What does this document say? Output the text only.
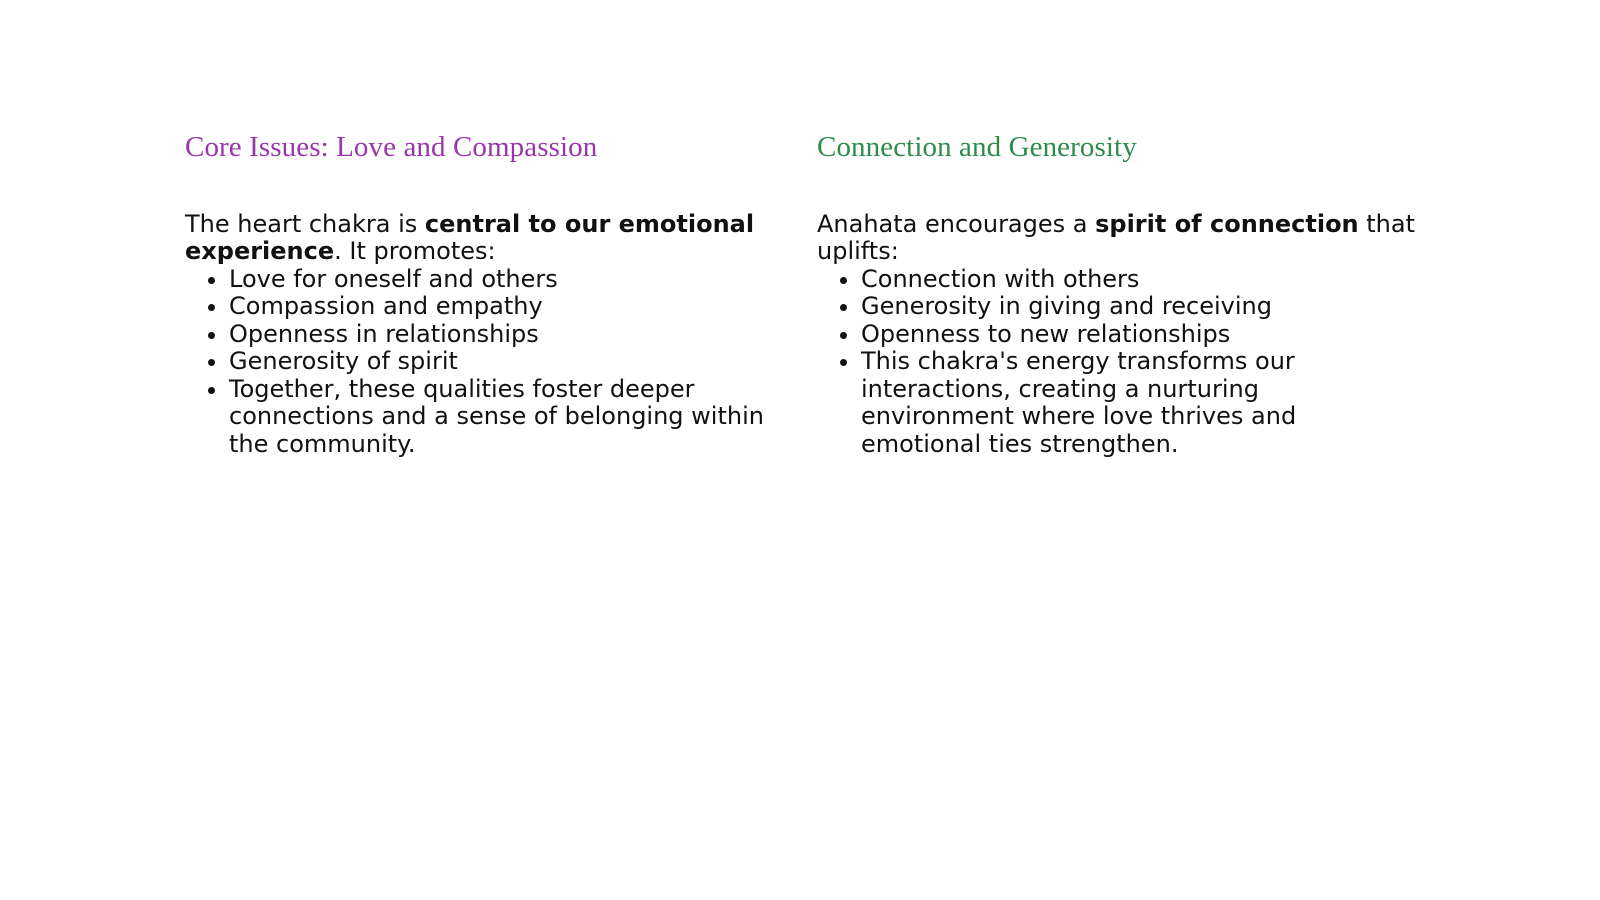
Core Issues: Love and Compassion

The heart chakra is central to our emotional experience. It promotes:

• Love for oneself and others
• Compassion and empathy
• Openness in relationships
• Generosity of spirit
• Together, these qualities foster deeper connections and a sense of belonging within the community.
Connection and Generosity

Anahata encourages a spirit of connection that uplifts:

• Connection with others
• Generosity in giving and receiving
• Openness to new relationships
• This chakra's energy transforms our interactions, creating a nurturing environment where love thrives and emotional ties strengthen.
